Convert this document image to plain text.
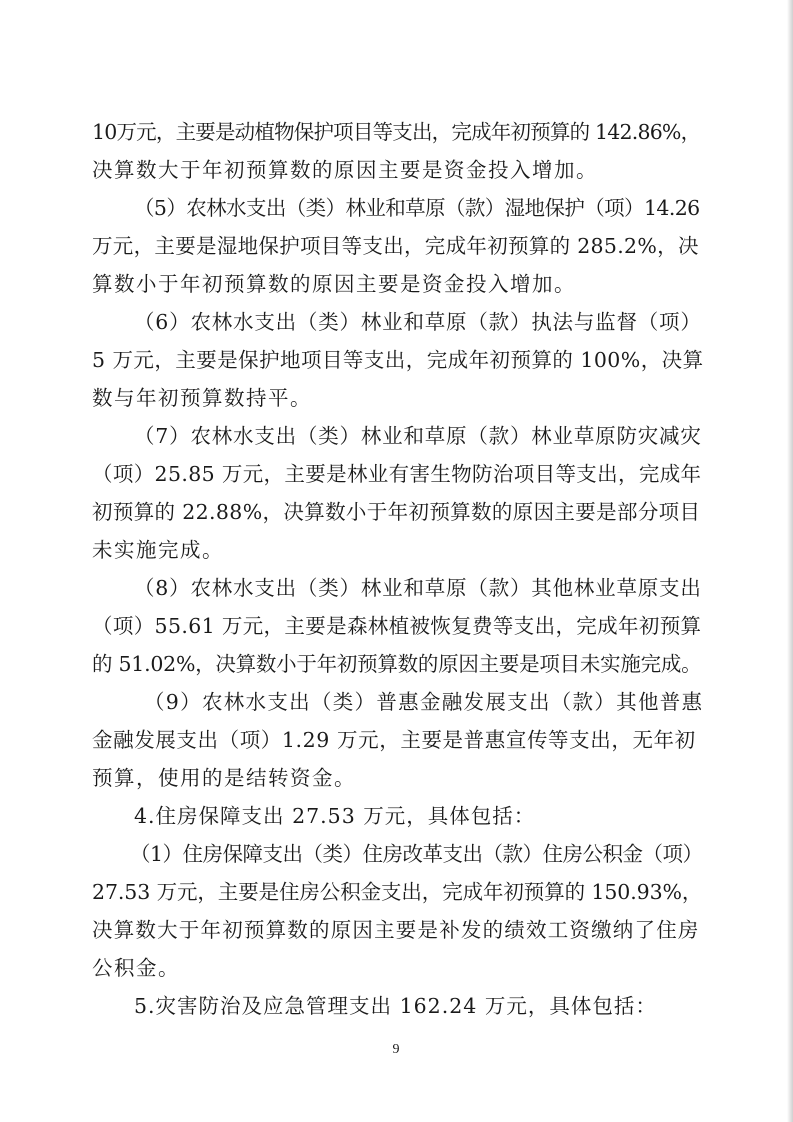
10万元，主要是动植物保护项目等支出，完成年初预算的 142.86%，

决算数大于年初预算数的原因主要是资金投入增加。

（5）农林水支出（类）林业和草原（款）湿地保护（项）14.26

万元，主要是湿地保护项目等支出，完成年初预算的 285.2%，决

算数小于年初预算数的原因主要是资金投入增加。

（6）农林水支出（类）林业和草原（款）执法与监督（项）

5 万元，主要是保护地项目等支出，完成年初预算的 100%，决算

数与年初预算数持平。

（7）农林水支出（类）林业和草原（款）林业草原防灾减灾

（项）25.85 万元，主要是林业有害生物防治项目等支出，完成年

初预算的 22.88%，决算数小于年初预算数的原因主要是部分项目

未实施完成。

（8）农林水支出（类）林业和草原（款）其他林业草原支出

（项）55.61 万元，主要是森林植被恢复费等支出，完成年初预算

的 51.02%，决算数小于年初预算数的原因主要是项目未实施完成。

（9）农林水支出（类）普惠金融发展支出（款）其他普惠

金融发展支出（项）1.29 万元，主要是普惠宣传等支出，无年初

预算，使用的是结转资金。

4.住房保障支出 27.53 万元，具体包括：

（1）住房保障支出（类）住房改革支出（款）住房公积金（项）

27.53 万元，主要是住房公积金支出，完成年初预算的 150.93%，

决算数大于年初预算数的原因主要是补发的绩效工资缴纳了住房

公积金。

5.灾害防治及应急管理支出 162.24 万元，具体包括：

9
